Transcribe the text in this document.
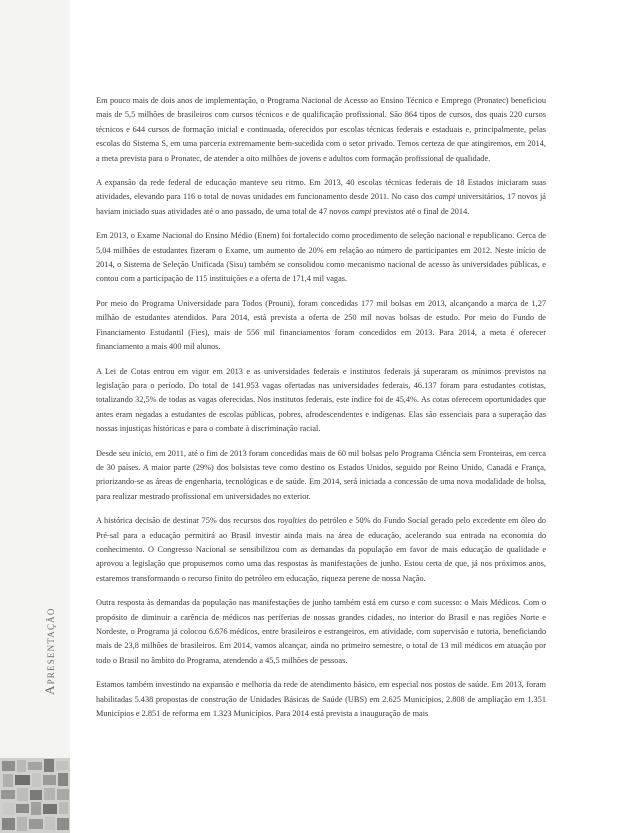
Apresentação

Em pouco mais de dois anos de implementação, o Programa Nacional de Acesso ao Ensino Técnico e Emprego (Pronatec) beneficiou mais de 5,5 milhões de brasileiros com cursos técnicos e de qualificação profissional. São 864 tipos de cursos, dos quais 220 cursos técnicos e 644 cursos de formação inicial e continuada, oferecidos por escolas técnicas federais e estaduais e, principalmente, pelas escolas do Sistema S, em uma parceria extremamente bem-sucedida com o setor privado. Temos certeza de que atingiremos, em 2014, a meta prevista para o Pronatec, de atender a oito milhões de jovens e adultos com formação profissional de qualidade.

A expansão da rede federal de educação manteve seu ritmo. Em 2013, 40 escolas técnicas federais de 18 Estados iniciaram suas atividades, elevando para 116 o total de novas unidades em funcionamento desde 2011. No caso dos campi universitários, 17 novos já haviam iniciado suas atividades até o ano passado, de uma total de 47 novos campi previstos até o final de 2014.

Em 2013, o Exame Nacional do Ensino Médio (Enem) foi fortalecido como procedimento de seleção nacional e republicano. Cerca de 5,04 milhões de estudantes fizeram o Exame, um aumento de 20% em relação ao número de participantes em 2012. Neste início de 2014, o Sistema de Seleção Unificada (Sisu) também se consolidou como mecanismo nacional de acesso às universidades públicas, e contou com a participação de 115 instituições e a oferta de 171,4 mil vagas.

Por meio do Programa Universidade para Todos (Prouni), foram concedidas 177 mil bolsas em 2013, alcançando a marca de 1,27 milhão de estudantes atendidos. Para 2014, está prevista a oferta de 250 mil novas bolsas de estudo. Por meio do Fundo de Financiamento Estudantil (Fies), mais de 556 mil financiamentos foram concedidos em 2013. Para 2014, a meta é oferecer financiamento a mais 400 mil alunos.

A Lei de Cotas entrou em vigor em 2013 e as universidades federais e institutos federais já superaram os mínimos previstos na legislação para o período. Do total de 141.953 vagas ofertadas nas universidades federais, 46.137 foram para estudantes cotistas, totalizando 32,5% de todas as vagas oferecidas. Nos institutos federais, este índice foi de 45,4%. As cotas oferecem oportunidades que antes eram negadas a estudantes de escolas públicas, pobres, afrodescendentes e indígenas. Elas são essenciais para a superação das nossas injustiças históricas e para o combate à discriminação racial.

Desde seu início, em 2011, até o fim de 2013 foram concedidas mais de 60 mil bolsas pelo Programa Ciência sem Fronteiras, em cerca de 30 países. A maior parte (29%) dos bolsistas teve como destino os Estados Unidos, seguido por Reino Unido, Canadá e França, priorizando-se as áreas de engenharia, tecnológicas e de saúde. Em 2014, será iniciada a concessão de uma nova modalidade de bolsa, para realizar mestrado profissional em universidades no exterior.

A histórica decisão de destinar 75% dos recursos dos royalties do petróleo e 50% do Fundo Social gerado pelo excedente em óleo do Pré-sal para a educação permitirá ao Brasil investir ainda mais na área de educação, acelerando sua entrada na economia do conhecimento. O Congresso Nacional se sensibilizou com as demandas da população em favor de mais educação de qualidade e aprovou a legislação que propusemos como uma das respostas às manifestações de junho. Estou certa de que, já nos próximos anos, estaremos transformando o recurso finito do petróleo em educação, riqueza perene de nossa Nação.

Outra resposta às demandas da população nas manifestações de junho também está em curso e com sucesso: o Mais Médicos. Com o propósito de diminuir a carência de médicos nas periferias de nossas grandes cidades, no interior do Brasil e nas regiões Norte e Nordeste, o Programa já colocou 6.676 médicos, entre brasileiros e estrangeiros, em atividade, com supervisão e tutoria, beneficiando mais de 23,8 milhões de brasileiros. Em 2014, vamos alcançar, ainda no primeiro semestre, o total de 13 mil médicos em atuação por todo o Brasil no âmbito do Programa, atendendo a 45,5 milhões de pessoas.

Estamos também investindo na expansão e melhoria da rede de atendimento básico, em especial nos postos de saúde. Em 2013, foram habilitadas 5.438 propostas de construção de Unidades Básicas de Saúde (UBS) em 2.625 Municípios, 2.808 de ampliação em 1.351 Municípios e 2.851 de reforma em 1.323 Municípios. Para 2014 está prevista a inauguração de mais
